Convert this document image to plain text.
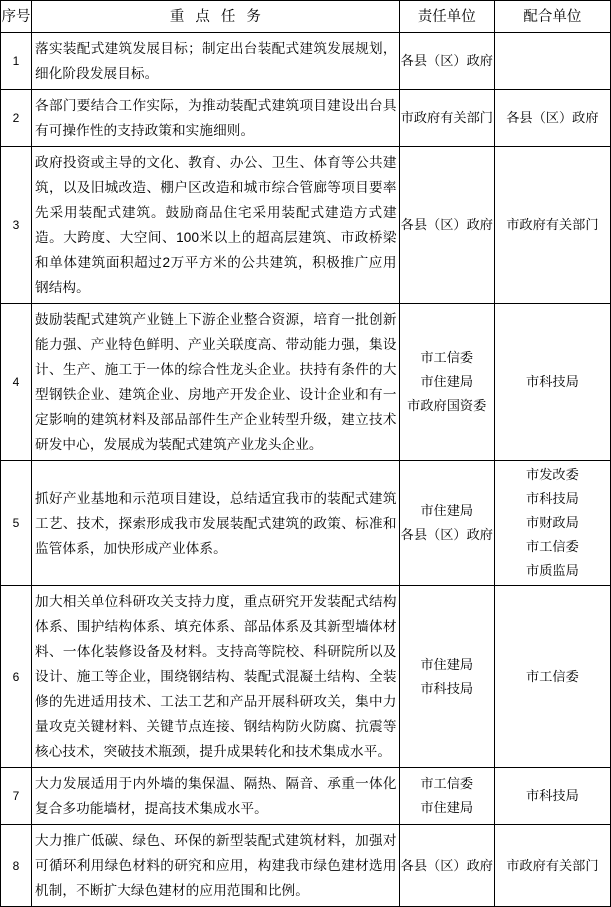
序号	重点任务	责任单位	配合单位
1	落实装配式建筑发展目标；制定出台装配式建筑发展规划，细化阶段发展目标。	各县（区）政府	

2	各部门要结合工作实际，为推动装配式建筑项目建设出台具有可操作性的支持政策和实施细则。	市政府有关部门	各县（区）政府

3	政府投资或主导的文化、教育、办公、卫生、体育等公共建筑，以及旧城改造、棚户区改造和城市综合管廊等项目要率先采用装配式建筑。鼓励商品住宅采用装配式建造方式建造。大跨度、大空间、100米以上的超高层建筑、市政桥梁和单体建筑面积超过2万平方米的公共建筑，积极推广应用钢结构。	各县（区）政府	市政府有关部门

4	鼓励装配式建筑产业链上下游企业整合资源，培育一批创新能力强、产业特色鲜明、产业关联度高、带动能力强，集设计、生产、施工于一体的综合性龙头企业。扶持有条件的大型钢铁企业、建筑企业、房地产开发企业、设计企业和有一定影响的建筑材料及部品部件生产企业转型升级，建立技术研发中心，发展成为装配式建筑产业龙头企业。	市工信委
市住建局
市政府国资委	市科技局

5	抓好产业基地和示范项目建设，总结适宜我市的装配式建筑工艺、技术，探索形成我市发展装配式建筑的政策、标准和监管体系，加快形成产业体系。	市住建局
各县（区）政府	市发改委
市科技局
市财政局
市工信委
市质监局

6	加大相关单位科研攻关支持力度，重点研究开发装配式结构体系、围护结构体系、填充体系、部品体系及其新型墙体材料、一体化装修设备及材料。支持高等院校、科研院所以及设计、施工等企业，围绕钢结构、装配式混凝土结构、全装修的先进适用技术、工法工艺和产品开展科研攻关，集中力量攻克关键材料、关键节点连接、钢结构防火防腐、抗震等核心技术，突破技术瓶颈，提升成果转化和技术集成水平。	市住建局
市科技局	市工信委

7	大力发展适用于内外墙的集保温、隔热、隔音、承重一体化复合多功能墙材，提高技术集成水平。	市工信委
市住建局	市科技局

8	大力推广低碳、绿色、环保的新型装配式建筑材料，加强对可循环利用绿色材料的研究和应用，构建我市绿色建材选用机制，不断扩大绿色建材的应用范围和比例。	各县（区）政府	市政府有关部门
